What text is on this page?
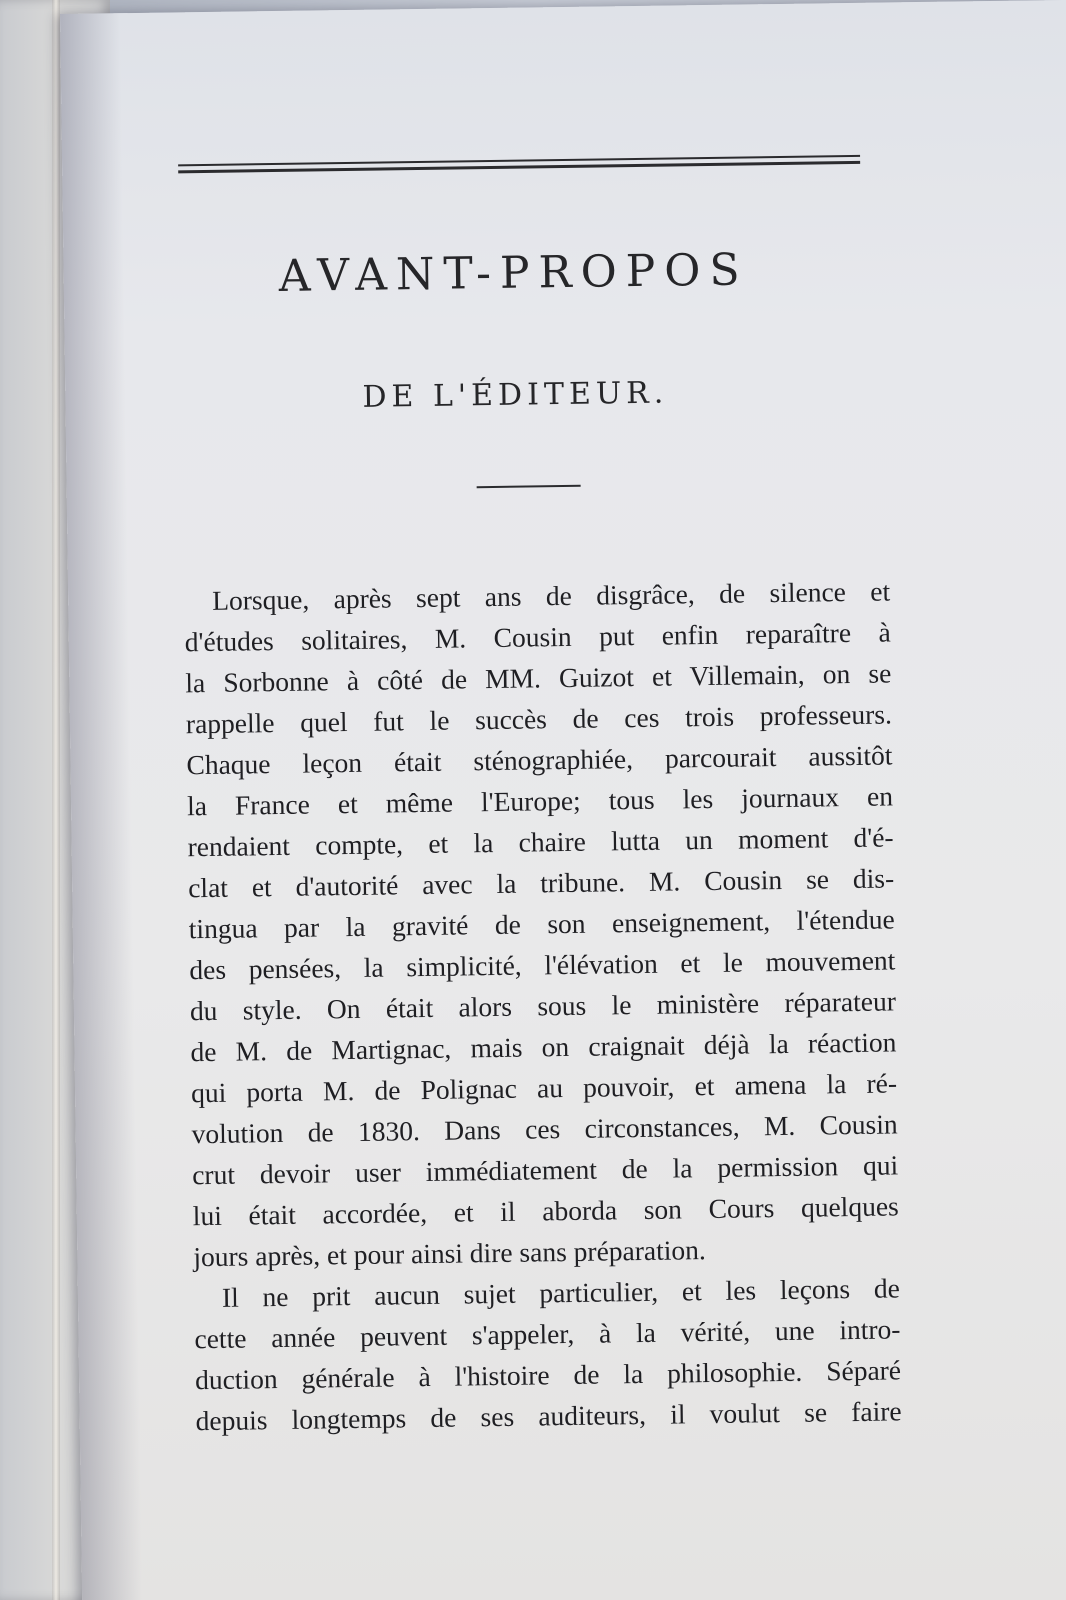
AVANT-PROPOS
DE L'ÉDITEUR.
Lorsque, après sept ans de disgrâce, de silence et
d'études solitaires, M. Cousin put enfin reparaître à
la Sorbonne à côté de MM. Guizot et Villemain, on se
rappelle quel fut le succès de ces trois professeurs.
Chaque leçon était sténographiée, parcourait aussitôt
la France et même l'Europe; tous les journaux en
rendaient compte, et la chaire lutta un moment d'é-
clat et d'autorité avec la tribune. M. Cousin se dis-
tingua par la gravité de son enseignement, l'étendue
des pensées, la simplicité, l'élévation et le mouvement
du style. On était alors sous le ministère réparateur
de M. de Martignac, mais on craignait déjà la réaction
qui porta M. de Polignac au pouvoir, et amena la ré-
volution de 1830. Dans ces circonstances, M. Cousin
crut devoir user immédiatement de la permission qui
lui était accordée, et il aborda son Cours quelques
jours après, et pour ainsi dire sans préparation.
Il ne prit aucun sujet particulier, et les leçons de
cette année peuvent s'appeler, à la vérité, une intro-
duction générale à l'histoire de la philosophie. Séparé
depuis longtemps de ses auditeurs, il voulut se faire
